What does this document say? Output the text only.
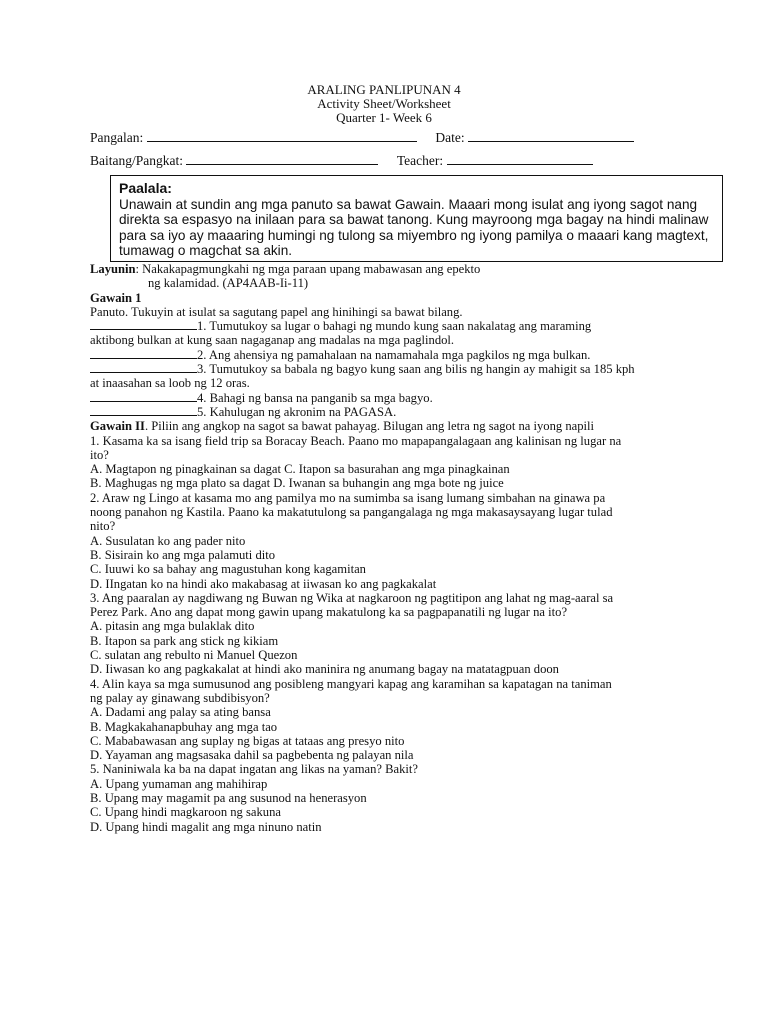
ARALING PANLIPUNAN 4
Activity Sheet/Worksheet
Quarter 1- Week 6
Pangalan:	Date:
Baitang/Pangkat:	Teacher:
Paalala:
Unawain at sundin ang mga panuto sa bawat Gawain. Maaari mong isulat ang iyong sagot nang
direkta sa espasyo na inilaan para sa bawat tanong. Kung mayroong mga bagay na hindi malinaw
para sa iyo ay maaaring humingi ng tulong sa miyembro ng iyong pamilya o maaari kang magtext,
tumawag o magchat sa akin.
Layunin: Nakakapagmungkahi ng mga paraan upang mabawasan ang epekto
ng kalamidad. (AP4AAB-Ii-11)
Gawain 1
Panuto. Tukuyin at isulat sa sagutang papel ang hinihingi sa bawat bilang.
1. Tumutukoy sa lugar o bahagi ng mundo kung saan nakalatag ang maraming
aktibong bulkan at kung saan nagaganap ang madalas na mga paglindol.
2. Ang ahensiya ng pamahalaan na namamahala mga pagkilos ng mga bulkan.
3. Tumutukoy sa babala ng bagyo kung saan ang bilis ng hangin ay mahigit sa 185 kph
at inaasahan sa loob ng 12 oras.
4. Bahagi ng bansa na panganib sa mga bagyo.
5. Kahulugan ng akronim na PAGASA.
Gawain II. Piliin ang angkop na sagot sa bawat pahayag. Bilugan ang letra ng sagot na iyong napili
1. Kasama ka sa isang field trip sa Boracay Beach. Paano mo mapapangalagaan ang kalinisan ng lugar na
ito?
A. Magtapon ng pinagkainan sa dagat C. Itapon sa basurahan ang mga pinagkainan
B. Maghugas ng mga plato sa dagat D. Iwanan sa buhangin ang mga bote ng juice
2. Araw ng Lingo at kasama mo ang pamilya mo na sumimba sa isang lumang simbahan na ginawa pa
noong panahon ng Kastila. Paano ka makatutulong sa pangangalaga ng mga makasaysayang lugar tulad
nito?
A. Susulatan ko ang pader nito
B. Sisirain ko ang mga palamuti dito
C. Iuuwi ko sa bahay ang magustuhan kong kagamitan
D. IIngatan ko na hindi ako makabasag at iiwasan ko ang pagkakalat
3. Ang paaralan ay nagdiwang ng Buwan ng Wika at nagkaroon ng pagtitipon ang lahat ng mag-aaral sa
Perez Park. Ano ang dapat mong gawin upang makatulong ka sa pagpapanatili ng lugar na ito?
A. pitasin ang mga bulaklak dito
B. Itapon sa park ang stick ng kikiam
C. sulatan ang rebulto ni Manuel Quezon
D. Iiwasan ko ang pagkakalat at hindi ako maninira ng anumang bagay na matatagpuan doon
4. Alin kaya sa mga sumusunod ang posibleng mangyari kapag ang karamihan sa kapatagan na taniman
ng palay ay ginawang subdibisyon?
A. Dadami ang palay sa ating bansa
B. Magkakahanapbuhay ang mga tao
C. Mababawasan ang suplay ng bigas at tataas ang presyo nito
D. Yayaman ang magsasaka dahil sa pagbebenta ng palayan nila
5. Naniniwala ka ba na dapat ingatan ang likas na yaman? Bakit?
A. Upang yumaman ang mahihirap
B. Upang may magamit pa ang susunod na henerasyon
C. Upang hindi magkaroon ng sakuna
D. Upang hindi magalit ang mga ninuno natin
